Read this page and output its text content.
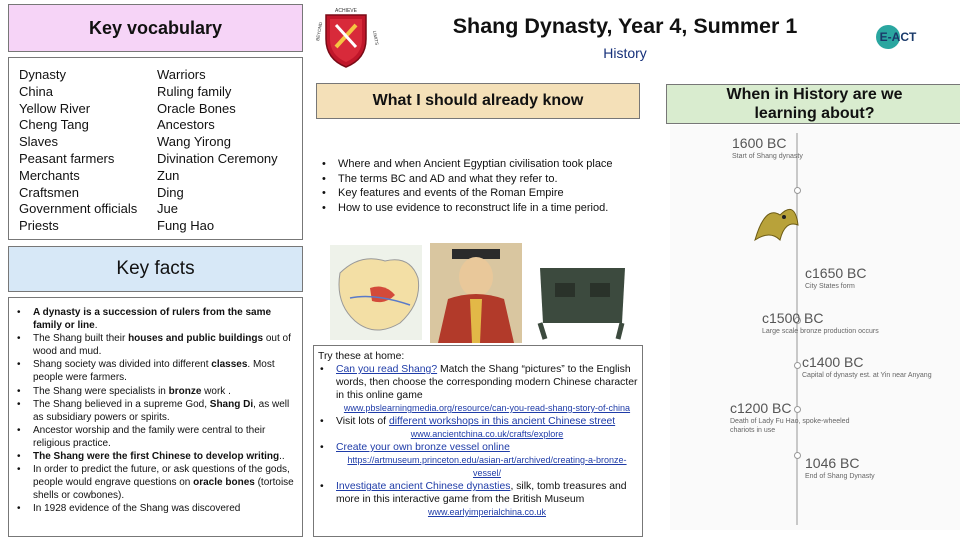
Key vocabulary
Dynasty
China
Yellow River
Cheng Tang
Slaves
Peasant farmers
Merchants
Craftsmen
Government officials
Priests
Warriors
Ruling family
Oracle Bones
Ancestors
Wang Yirong
Divination Ceremony
Zun
Ding
Jue
Fung Hao
ACHIEVE
BEYOND	LIMITS	Shang Dynasty, Year 4, Summer 1
History
E-ACT
What I should already know
• Where and when Ancient Egyptian civilisation took place
• The terms BC and AD and what they refer to.
• Key features and events of the Roman Empire
• How to use evidence to reconstruct life in a time period.
When in History are we
learning about?
1600 BC
Start of Shang dynasty
c1650 BC
City States form
c1500 BC
Large scale bronze production occurs
c1400 BC
Capital of dynasty est. at Yin near Anyang
c1200 BC
Death of Lady Fu Hao, spoke-wheeled chariots in use
1046 BC
End of Shang Dynasty
Key facts
• A dynasty is a succession of rulers from the same family or line.
• The Shang built their houses and public buildings out of wood and mud.
• Shang society was divided into different classes. Most people were farmers.
• The Shang were specialists in bronze work .
• The Shang believed in a supreme God, Shang Di, as well as subsidiary powers or spirits.
• Ancestor worship and the family were central to their religious practice.
• The Shang were the first Chinese to develop writing..
• In order to predict the future, or ask questions of the gods, people would engrave questions on oracle bones (tortoise shells or cowbones).
• In 1928 evidence of the Shang was discovered
Try these at home:
• Can you read Shang? Match the Shang “pictures” to the English words, then choose the corresponding modern Chinese character in this online game
www.pbslearningmedia.org/resource/can-you-read-shang-story-of-china
• Visit lots of different workshops in this ancient Chinese street
www.ancientchina.co.uk/crafts/explore
• Create your own bronze vessel online
https://artmuseum.princeton.edu/asian-art/archived/creating-a-bronze-vessel/
• Investigate ancient Chinese dynasties, silk, tomb treasures and more in this interactive game from the British Museum
www.earlyimperialchina.co.uk
